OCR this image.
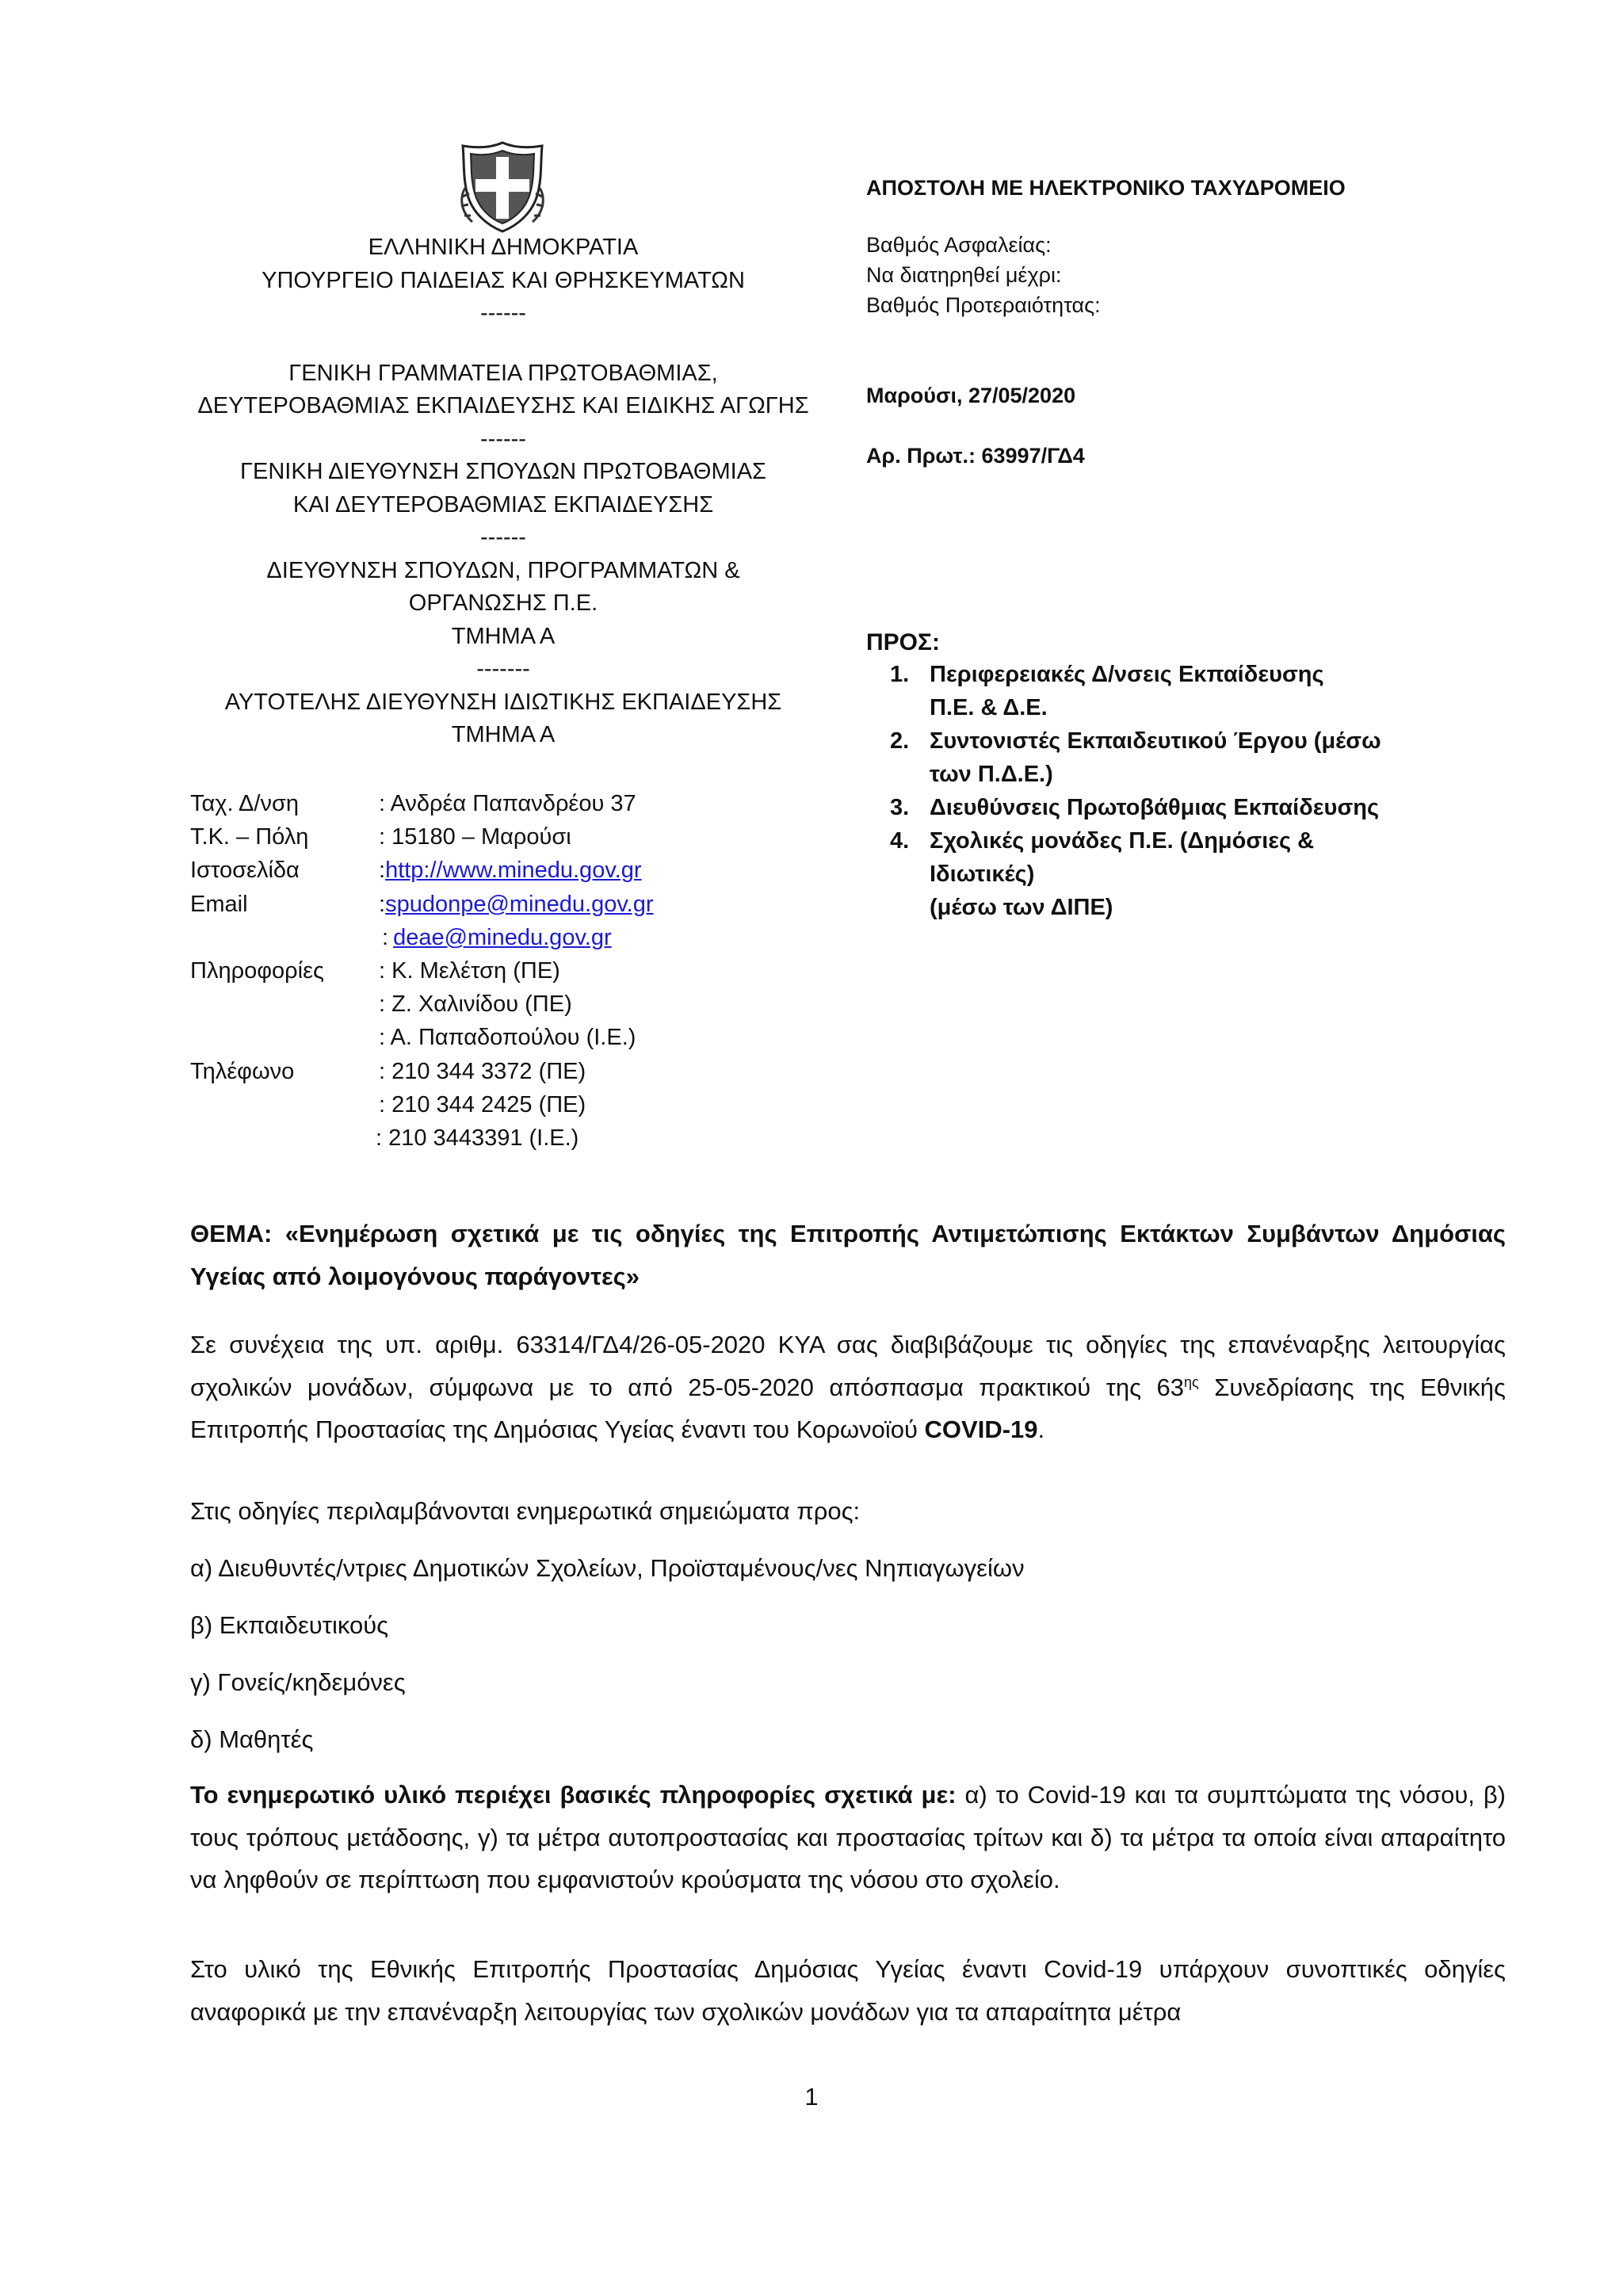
ΕΛΛΗΝΙΚΗ ΔΗΜΟΚΡΑΤΙΑ
ΥΠΟΥΡΓΕΙΟ ΠΑΙΔΕΙΑΣ ΚΑΙ ΘΡΗΣΚΕΥΜΑΤΩΝ
------
ΓΕΝΙΚΗ ΓΡΑΜΜΑΤΕΙΑ ΠΡΩΤΟΒΑΘΜΙΑΣ,
ΔΕΥΤΕΡΟΒΑΘΜΙΑΣ ΕΚΠΑΙΔΕΥΣΗΣ ΚΑΙ ΕΙΔΙΚΗΣ ΑΓΩΓΗΣ
------
ΓΕΝΙΚΗ ΔΙΕΥΘΥΝΣΗ ΣΠΟΥΔΩΝ ΠΡΩΤΟΒΑΘΜΙΑΣ
ΚΑΙ ΔΕΥΤΕΡΟΒΑΘΜΙΑΣ ΕΚΠΑΙΔΕΥΣΗΣ
------
ΔΙΕΥΘΥΝΣΗ ΣΠΟΥΔΩΝ, ΠΡΟΓΡΑΜΜΑΤΩΝ &
ΟΡΓΑΝΩΣΗΣ Π.Ε.
ΤΜΗΜΑ Α
-------
ΑΥΤΟΤΕΛΗΣ ΔΙΕΥΘΥΝΣΗ ΙΔΙΩΤΙΚΗΣ ΕΚΠΑΙΔΕΥΣΗΣ
ΤΜΗΜΑ Α
Ταχ. Δ/νση	: Ανδρέα Παπανδρέου 37
Τ.Κ. – Πόλη	: 15180 – Μαρούσι
Ιστοσελίδα	: http://www.minedu.gov.gr
Email	: spudonpe@minedu.gov.gr
: deae@minedu.gov.gr
Πληροφορίες	: Κ. Μελέτση (ΠΕ)
: Ζ. Χαλινίδου (ΠΕ)
: Α. Παπαδοπούλου (Ι.Ε.)
Τηλέφωνο	: 210 344 3372 (ΠΕ)
: 210 344 2425 (ΠΕ)
: 210 3443391 (Ι.Ε.)
ΑΠΟΣΤΟΛΗ ΜΕ ΗΛΕΚΤΡΟΝΙΚΟ ΤΑΧΥΔΡΟΜΕΙΟ
Βαθμός Ασφαλείας:
Να διατηρηθεί μέχρι:
Βαθμός Προτεραιότητας:
Μαρούσι, 27/05/2020
Αρ. Πρωτ.: 63997/ΓΔ4
ΠΡΟΣ:
1. Περιφερειακές Δ/νσεις Εκπαίδευσης
Π.Ε. & Δ.Ε.
2. Συντονιστές Εκπαιδευτικού Έργου (μέσω
των Π.Δ.Ε.)
3. Διευθύνσεις Πρωτοβάθμιας Εκπαίδευσης
4. Σχολικές μονάδες Π.Ε. (Δημόσιες &
Ιδιωτικές)
(μέσω των ΔΙΠΕ)
ΘΕΜΑ: «Ενημέρωση σχετικά με τις οδηγίες της Επιτροπής Αντιμετώπισης Εκτάκτων Συμβάντων Δημόσιας Υγείας από λοιμογόνους παράγοντες»
Σε συνέχεια της υπ. αριθμ. 63314/ΓΔ4/26-05-2020 ΚΥΑ σας διαβιβάζουμε τις οδηγίες της επανέναρξης λειτουργίας σχολικών μονάδων, σύμφωνα με το από 25-05-2020 απόσπασμα πρακτικού της $63^{\eta\varsigma}$ Συνεδρίασης της Εθνικής Επιτροπής Προστασίας της Δημόσιας Υγείας έναντι του Κορωνοϊού COVID-19.
Στις οδηγίες περιλαμβάνονται ενημερωτικά σημειώματα προς:
α) Διευθυντές/ντριες Δημοτικών Σχολείων, Προϊσταμένους/νες Νηπιαγωγείων
β) Εκπαιδευτικούς
γ) Γονείς/κηδεμόνες
δ) Μαθητές
Το ενημερωτικό υλικό περιέχει βασικές πληροφορίες σχετικά με: α) το Covid-19 και τα συμπτώματα της νόσου, β) τους τρόπους μετάδοσης, γ) τα μέτρα αυτοπροστασίας και προστασίας τρίτων και δ) τα μέτρα τα οποία είναι απαραίτητο να ληφθούν σε περίπτωση που εμφανιστούν κρούσματα της νόσου στο σχολείο.
Στο υλικό της Εθνικής Επιτροπής Προστασίας Δημόσιας Υγείας έναντι Covid-19 υπάρχουν συνοπτικές οδηγίες αναφορικά με την επανέναρξη λειτουργίας των σχολικών μονάδων για τα απαραίτητα μέτρα
1
